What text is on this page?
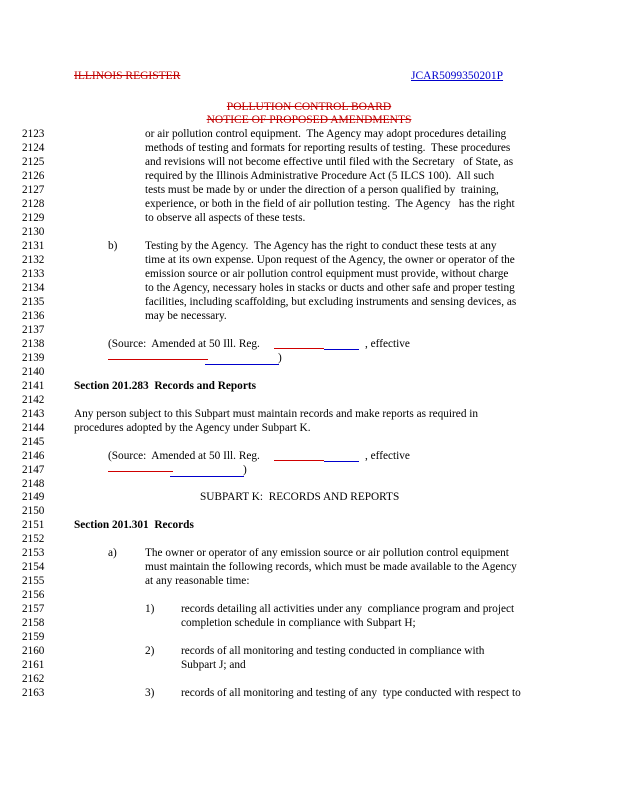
ILLINOIS REGISTER	JCAR5099350201P
POLLUTION CONTROL BOARD
NOTICE OF PROPOSED AMENDMENTS
2123	or air pollution control equipment.  The Agency may adopt procedures detailing
2124	methods of testing and formats for reporting results of testing.  These procedures
2125	and revisions will not become effective until filed with the Secretary   of State, as
2126	required by the Illinois Administrative Procedure Act (5 ILCS 100).  All such
2127	tests must be made by or under the direction of a person qualified by  training,
2128	experience, or both in the field of air pollution testing.  The Agency   has the right
2129	to observe all aspects of these tests.
2130
2131	b) Testing by the Agency.  The Agency has the right to conduct these tests at any
2132	time at its own expense. Upon request of the Agency, the owner or operator of the
2133	emission source or air pollution control equipment must provide, without charge
2134	to the Agency, necessary holes in stacks or ducts and other safe and proper testing
2135	facilities, including scaffolding, but excluding instruments and sensing devices, as
2136	may be necessary.
2137
2138	(Source:  Amended at 50 Ill. Reg.	, effective
2139	)
2140
2141	Section 201.283  Records and Reports
2142
2143	Any person subject to this Subpart must maintain records and make reports as required in
2144	procedures adopted by the Agency under Subpart K.
2145
2146	(Source:  Amended at 50 Ill. Reg.	, effective
2147	)
2148
2149	SUBPART K:  RECORDS AND REPORTS
2150
2151	Section 201.301  Records
2152
2153	a) The owner or operator of any emission source or air pollution control equipment
2154	must maintain the following records, which must be made available to the Agency
2155	at any reasonable time:
2156
2157	1) records detailing all activities under any  compliance program and project
2158	completion schedule in compliance with Subpart H;
2159
2160	2) records of all monitoring and testing conducted in compliance with
2161	Subpart J; and
2162
2163	3) records of all monitoring and testing of any  type conducted with respect to
